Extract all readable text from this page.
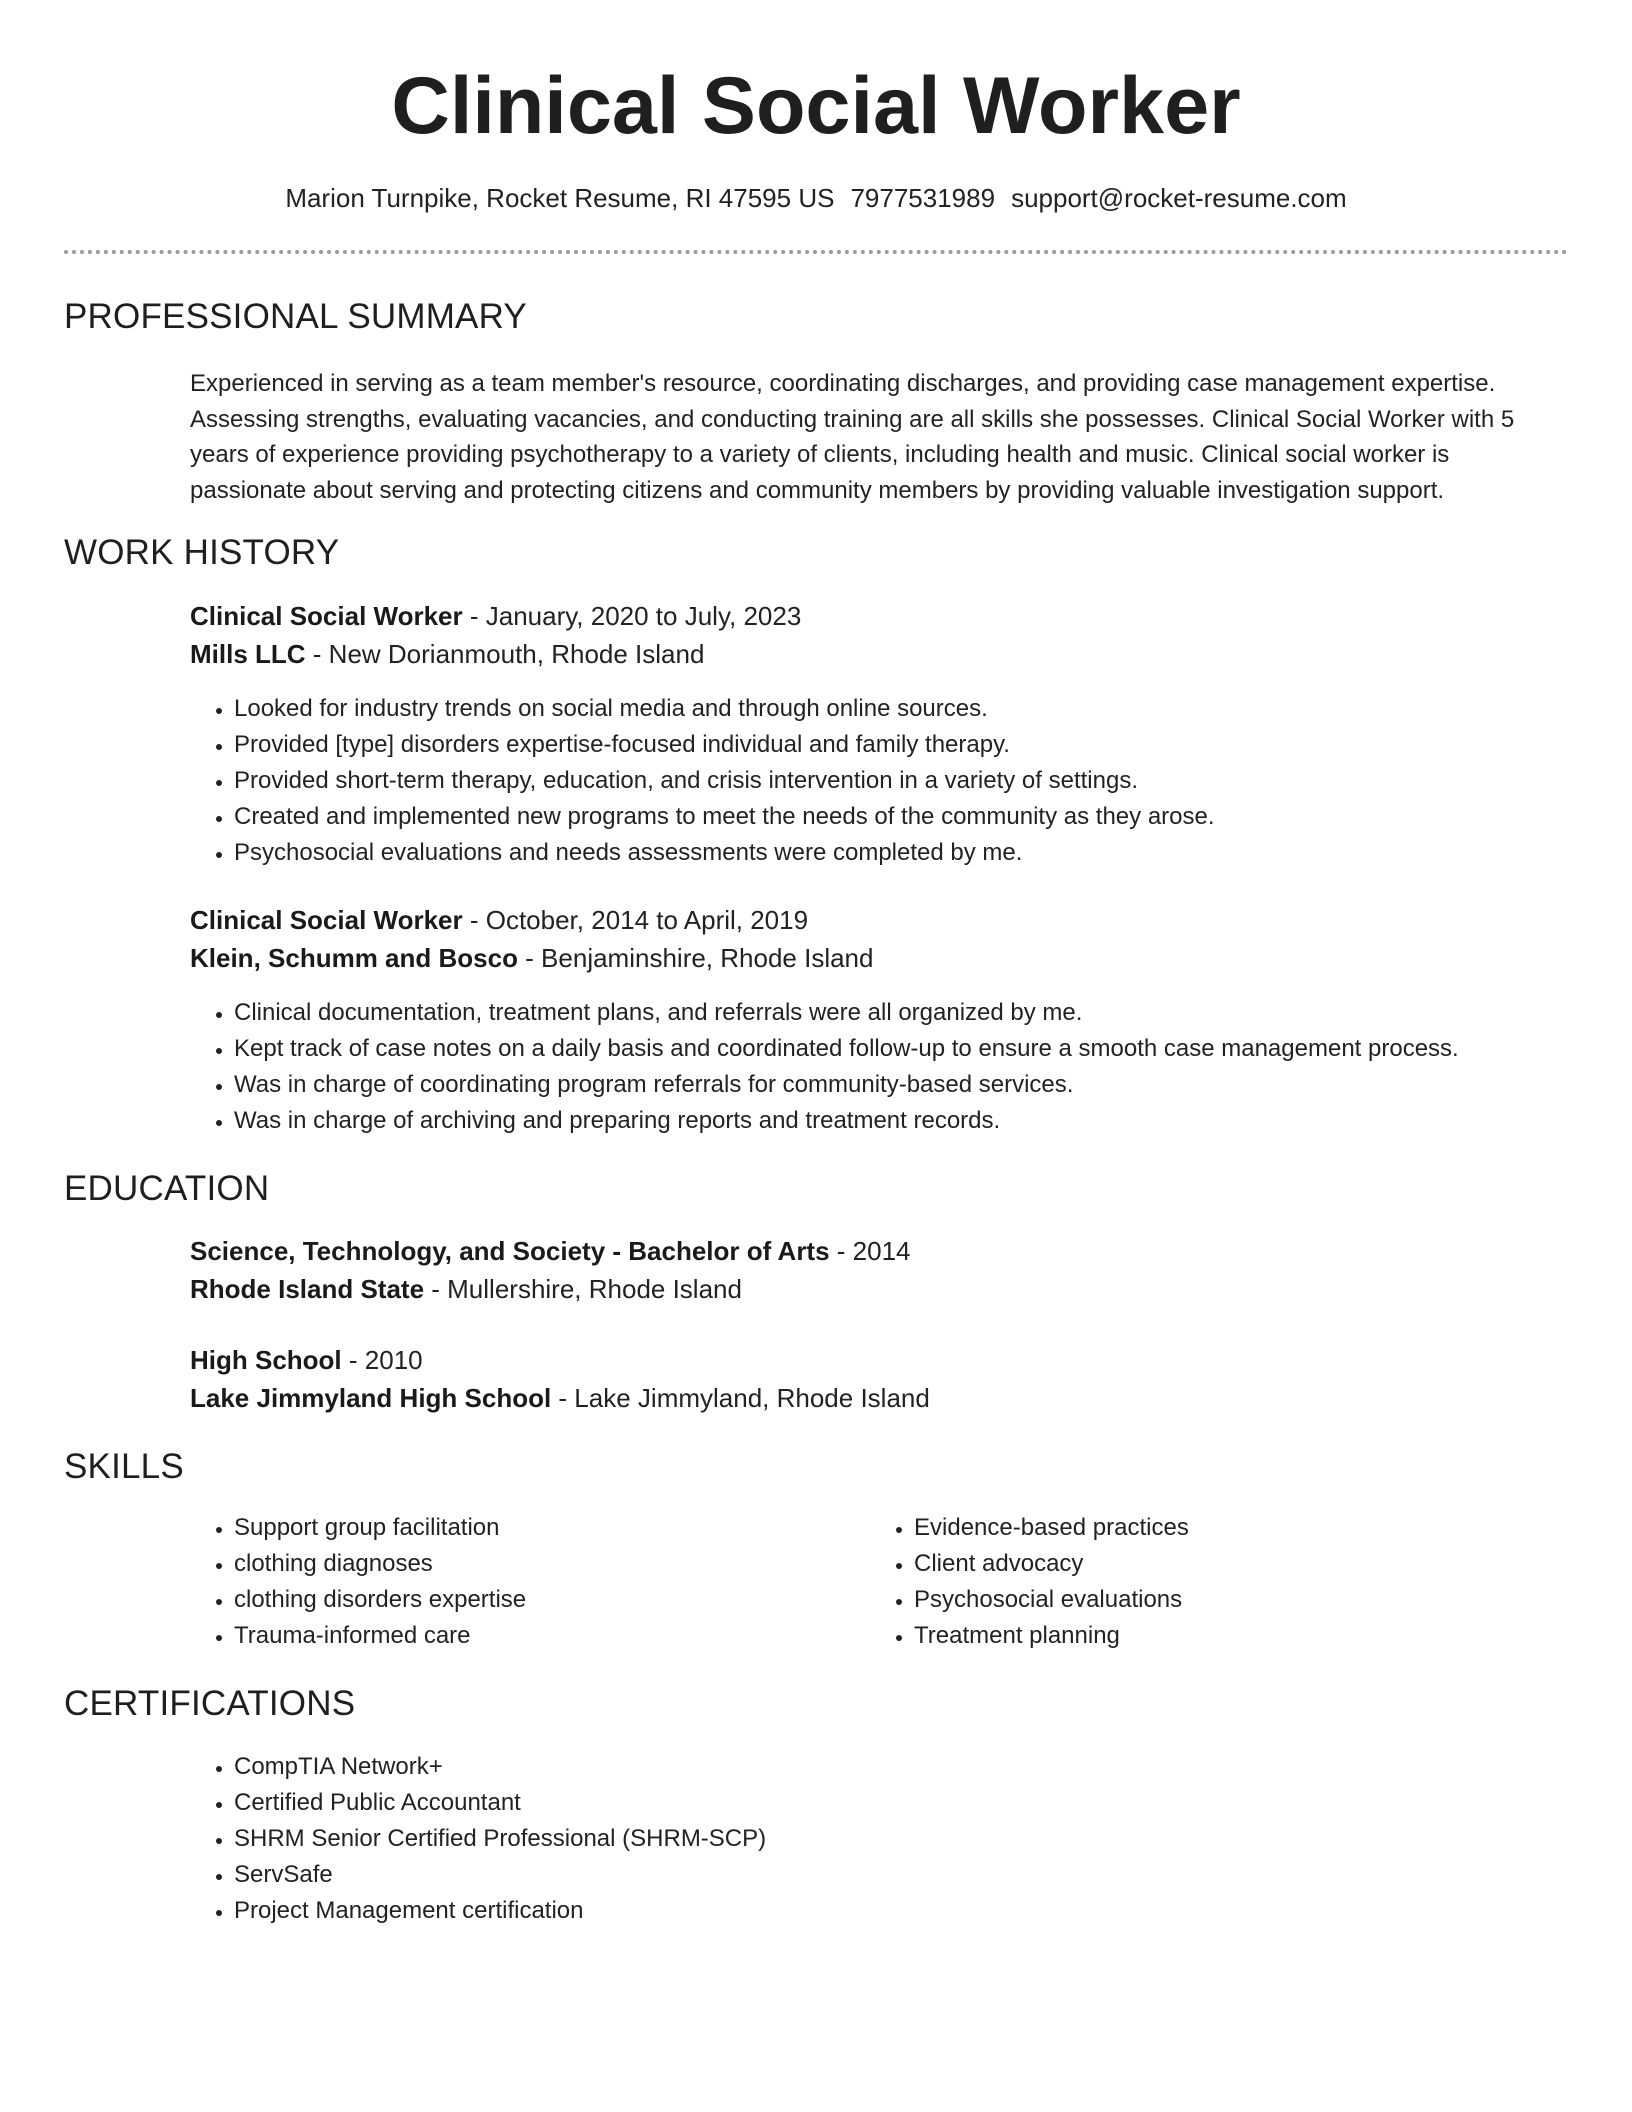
Clinical Social Worker
Marion Turnpike, Rocket Resume, RI 47595 US 7977531989 support@rocket-resume.com
PROFESSIONAL SUMMARY
Experienced in serving as a team member's resource, coordinating discharges, and providing case management expertise. Assessing strengths, evaluating vacancies, and conducting training are all skills she possesses. Clinical Social Worker with 5 years of experience providing psychotherapy to a variety of clients, including health and music. Clinical social worker is passionate about serving and protecting citizens and community members by providing valuable investigation support.
WORK HISTORY
Clinical Social Worker - January, 2020 to July, 2023
Mills LLC - New Dorianmouth, Rhode Island
• Looked for industry trends on social media and through online sources.
• Provided [type] disorders expertise-focused individual and family therapy.
• Provided short-term therapy, education, and crisis intervention in a variety of settings.
• Created and implemented new programs to meet the needs of the community as they arose.
• Psychosocial evaluations and needs assessments were completed by me.
Clinical Social Worker - October, 2014 to April, 2019
Klein, Schumm and Bosco - Benjaminshire, Rhode Island
• Clinical documentation, treatment plans, and referrals were all organized by me.
• Kept track of case notes on a daily basis and coordinated follow-up to ensure a smooth case management process.
• Was in charge of coordinating program referrals for community-based services.
• Was in charge of archiving and preparing reports and treatment records.
EDUCATION
Science, Technology, and Society - Bachelor of Arts - 2014
Rhode Island State - Mullershire, Rhode Island
High School - 2010
Lake Jimmyland High School - Lake Jimmyland, Rhode Island
SKILLS
• Support group facilitation
• clothing diagnoses
• clothing disorders expertise
• Trauma-informed care
• Evidence-based practices
• Client advocacy
• Psychosocial evaluations
• Treatment planning
CERTIFICATIONS
• CompTIA Network+
• Certified Public Accountant
• SHRM Senior Certified Professional (SHRM-SCP)
• ServSafe
• Project Management certification
